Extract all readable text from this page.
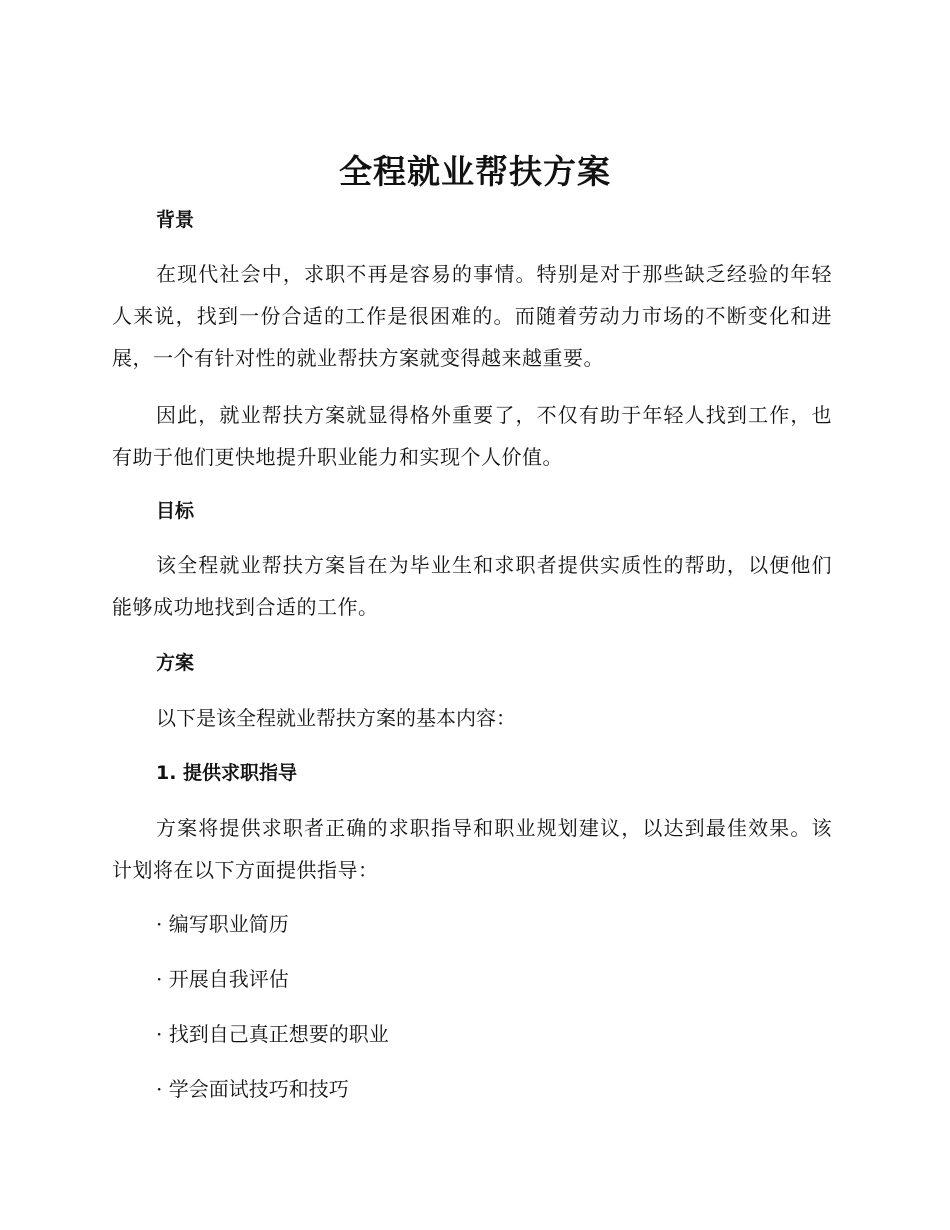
全程就业帮扶方案

背景

在现代社会中，求职不再是容易的事情。特别是对于那些缺乏经验的年轻人来说，找到一份合适的工作是很困难的。而随着劳动力市场的不断变化和进展，一个有针对性的就业帮扶方案就变得越来越重要。

因此，就业帮扶方案就显得格外重要了，不仅有助于年轻人找到工作，也有助于他们更快地提升职业能力和实现个人价值。

目标

该全程就业帮扶方案旨在为毕业生和求职者提供实质性的帮助，以便他们能够成功地找到合适的工作。

方案

以下是该全程就业帮扶方案的基本内容：

1. 提供求职指导

方案将提供求职者正确的求职指导和职业规划建议，以达到最佳效果。该计划将在以下方面提供指导：

· 编写职业简历

· 开展自我评估

· 找到自己真正想要的职业

· 学会面试技巧和技巧
